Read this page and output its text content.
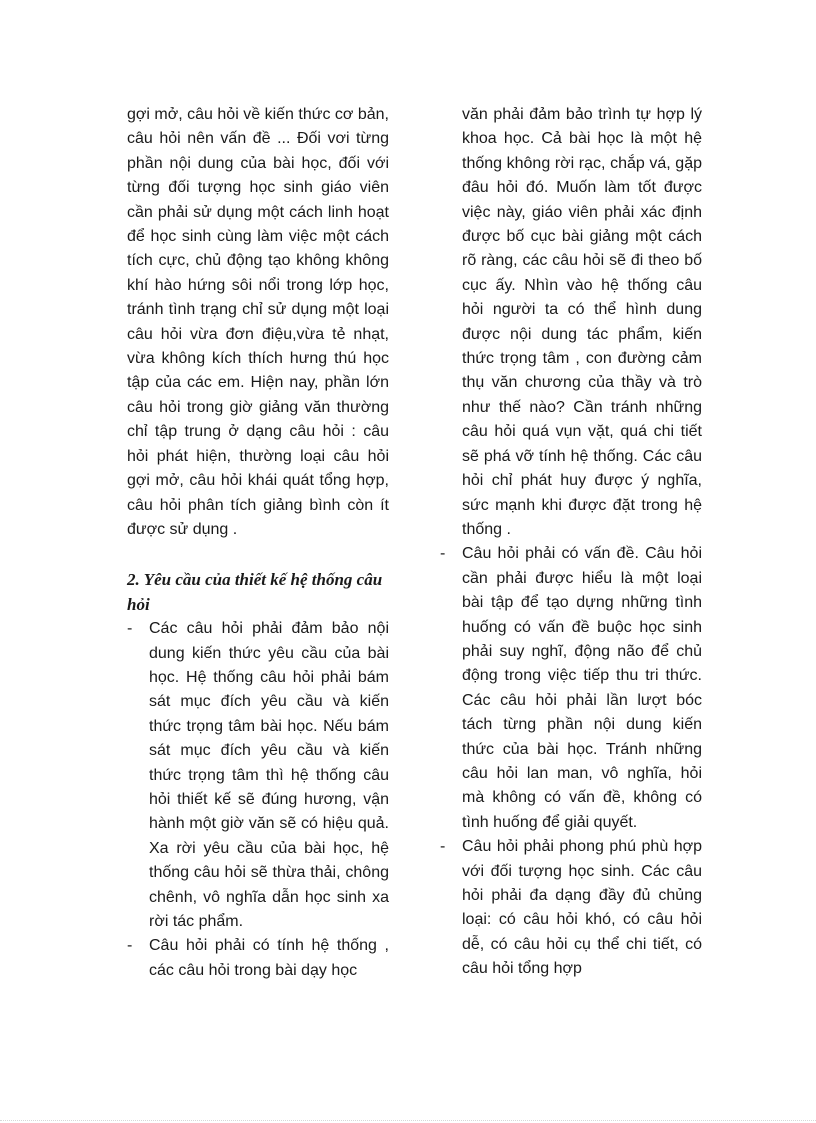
gợi mở, câu hỏi về kiến thức cơ bản, câu hỏi nên vấn đề ... Đối vơi từng phần nội dung của bài học, đối với từng đối tượng học sinh giáo viên cần phải sử dụng một cách linh hoạt để học sinh cùng làm việc một cách tích cực, chủ động tạo không không khí hào hứng sôi nổi trong lớp học, tránh tình trạng chỉ sử dụng một loại câu hỏi vừa đơn điệu,vừa tẻ nhạt, vừa không kích thích hưng thú học tập của các em. Hiện nay, phần lớn câu hỏi trong giờ giảng văn thường chỉ tập trung ở dạng câu hỏi : câu hỏi phát hiện, thường loại câu hỏi gợi mở, câu hỏi khái quát tổng hợp, câu hỏi phân tích giảng bình còn ít được sử dụng .

2. Yêu cầu của thiết kế hệ thống câu hỏi

-	Các câu hỏi phải đảm bảo nội dung kiến thức yêu cầu của bài học. Hệ thống câu hỏi phải bám sát mục đích yêu cầu và kiến thức trọng tâm bài học. Nếu bám sát mục đích yêu cầu và kiến thức trọng tâm thì hệ thống câu hỏi thiết kế sẽ đúng hương, vận hành một giờ văn sẽ có hiệu quả. Xa rời yêu cầu của bài học, hệ thống câu hỏi sẽ thừa thải, chông chênh, vô nghĩa dẫn học sinh xa rời tác phẩm.
-	Câu hỏi phải có tính hệ thống , các câu hỏi trong bài dạy học

văn phải đảm bảo trình tự hợp lý khoa học. Cả bài học là một hệ thống không rời rạc, chắp vá, gặp đâu hỏi đó. Muốn làm tốt được việc này, giáo viên phải xác định được bố cục bài giảng một cách rõ ràng, các câu hỏi sẽ đi theo bố cục ấy. Nhìn vào hệ thống câu hỏi người ta có thể hình dung được nội dung tác phẩm, kiến thức trọng tâm , con đường cảm thụ văn chương của thầy và trò như thế nào? Cần tránh những câu hỏi quá vụn vặt, quá chi tiết sẽ phá vỡ tính hệ thống. Các câu hỏi chỉ phát huy được ý nghĩa, sức mạnh khi được đặt trong hệ thống .

-	Câu hỏi phải có vấn đề. Câu hỏi cần phải được hiểu là một loại bài tập để tạo dựng những tình huống có vấn đề buộc học sinh phải suy nghĩ, động não để chủ động trong việc tiếp thu tri thức. Các câu hỏi phải lần lượt bóc tách từng phần nội dung kiến thức của bài học. Tránh những câu hỏi lan man, vô nghĩa, hỏi mà không có vấn đề, không có tình huống để giải quyết.
-	Câu hỏi phải phong phú phù hợp với đối tượng học sinh. Các câu hỏi phải đa dạng đầy đủ chủng loại: có câu hỏi khó, có câu hỏi dễ, có câu hỏi cụ thể chi tiết, có câu hỏi tổng hợp
